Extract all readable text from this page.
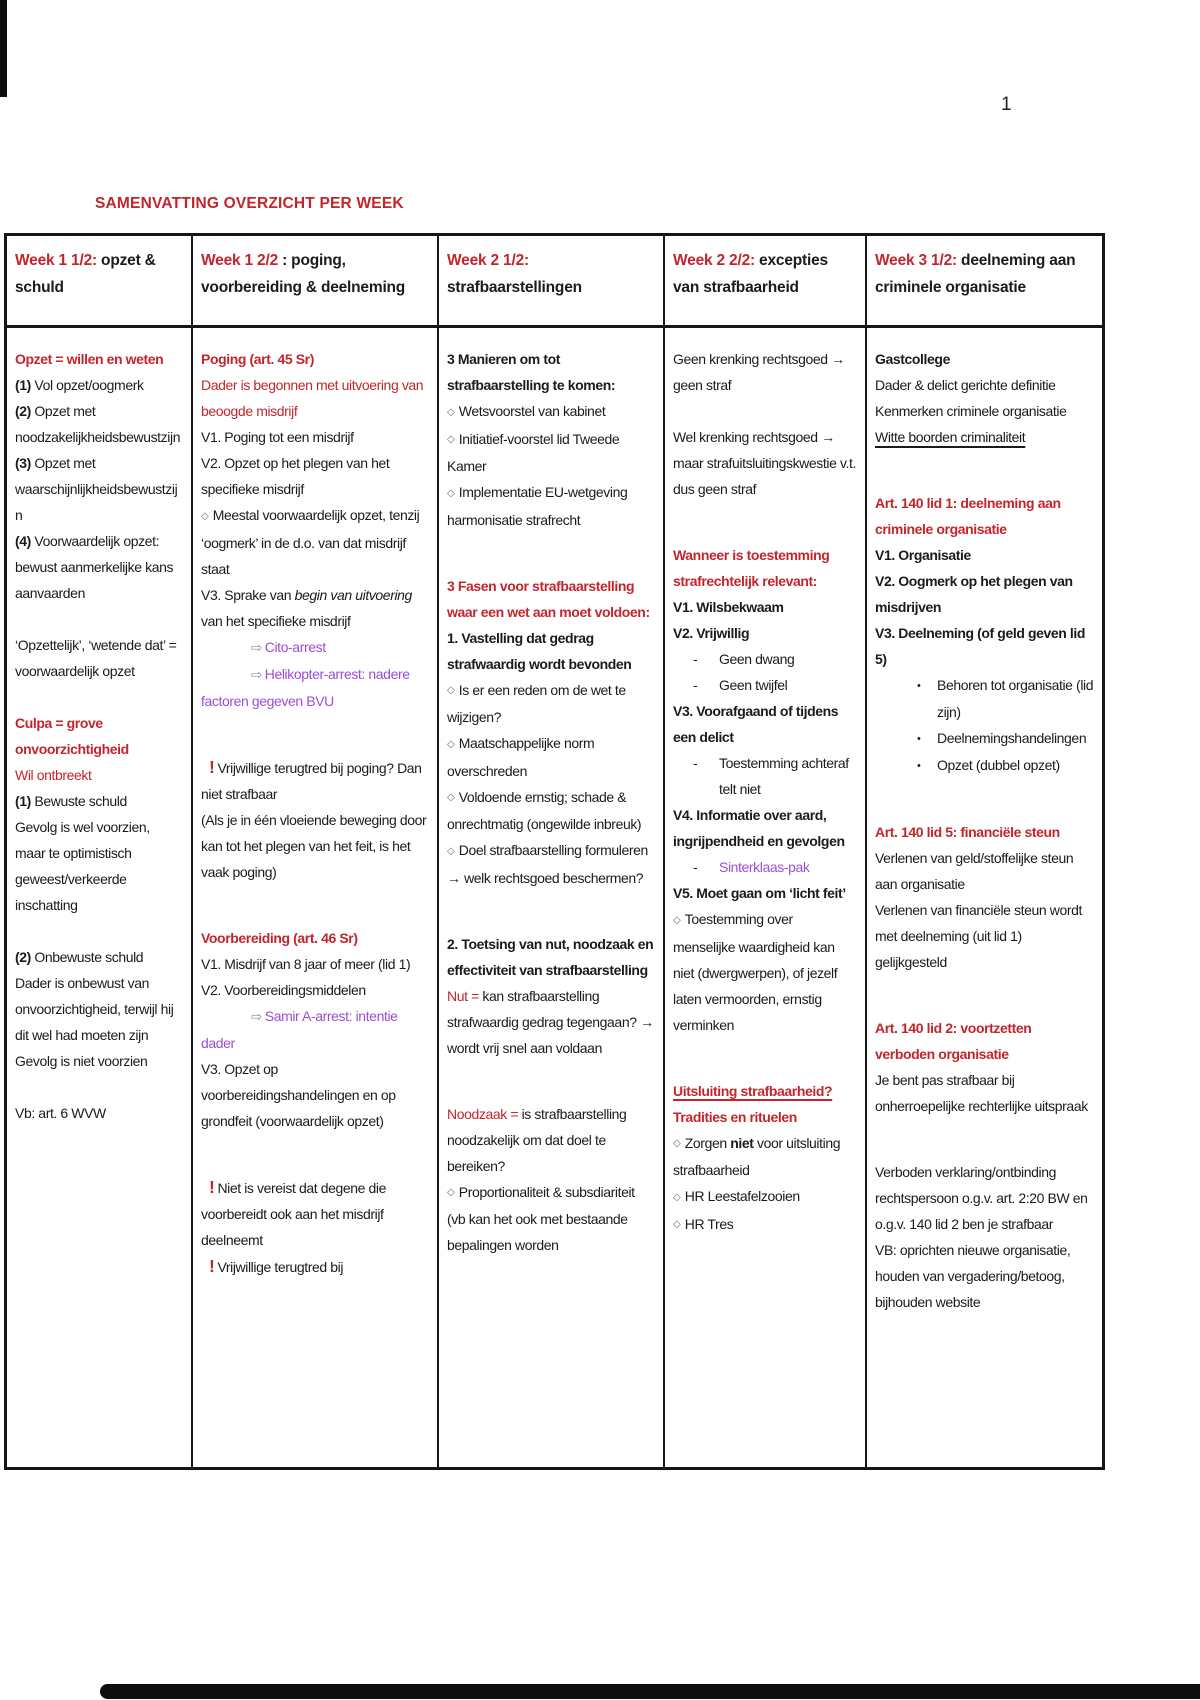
1
SAMENVATTING OVERZICHT PER WEEK
Week 1 1/2: opzet & schuld
Week 1 2/2 : poging, voorbereiding & deelneming
Week 2 1/2: strafbaarstellingen
Week 2 2/2: excepties van strafbaarheid
Week 3 1/2: deelneming aan criminele organisatie

Opzet = willen en weten

(1) Vol opzet/oogmerk

(2) Opzet met noodzakelijkheidsbewustzijn

(3) Opzet met waarschijnlijkheidsbewustzijn

(4) Voorwaardelijk opzet: bewust aanmerkelijke kans aanvaarden

‘Opzettelijk’, ‘wetende dat’ = voorwaardelijk opzet

Culpa = grove onvoorzichtigheid

Wil ontbreekt

(1) Bewuste schuld

Gevolg is wel voorzien, maar te optimistisch geweest/verkeerde inschatting

(2) Onbewuste schuld

Dader is onbewust van onvoorzichtigheid, terwijl hij dit wel had moeten zijn

Gevolg is niet voorzien

Vb: art. 6 WVW

Poging (art. 45 Sr)

Dader is begonnen met uitvoering van beoogde misdrijf

V1. Poging tot een misdrijf

V2. Opzet op het plegen van het specifieke misdrijf

◇ Meestal voorwaardelijk opzet, tenzij ‘oogmerk’ in de d.o. van dat misdrijf staat

V3. Sprake van begin van uitvoering van het specifieke misdrijf

⇨ Cito-arrest

⇨ Helikopter-arrest: nadere factoren gegeven BVU

! Vrijwillige terugtred bij poging? Dan niet strafbaar

(Als je in één vloeiende beweging door kan tot het plegen van het feit, is het vaak poging)

Voorbereiding (art. 46 Sr)

V1. Misdrijf van 8 jaar of meer (lid 1)

V2. Voorbereidingsmiddelen

⇨ Samir A-arrest: intentie dader

V3. Opzet op voorbereidingshandelingen en op grondfeit (voorwaardelijk opzet)

! Niet is vereist dat degene die voorbereidt ook aan het misdrijf deelneemt

! Vrijwillige terugtred bij

3 Manieren om tot strafbaarstelling te komen:

◇ Wetsvoorstel van kabinet

◇ Initiatief-voorstel lid Tweede Kamer

◇ Implementatie EU-wetgeving harmonisatie strafrecht

3 Fasen voor strafbaarstelling waar een wet aan moet voldoen:

1. Vastelling dat gedrag strafwaardig wordt bevonden

◇ Is er een reden om de wet te wijzigen?

◇ Maatschappelijke norm overschreden

◇ Voldoende ernstig; schade & onrechtmatig (ongewilde inbreuk)

◇ Doel strafbaarstelling formuleren → welk rechtsgoed beschermen?

2. Toetsing van nut, noodzaak en effectiviteit van strafbaarstelling

Nut = kan strafbaarstelling strafwaardig gedrag tegengaan? → wordt vrij snel aan voldaan

Noodzaak = is strafbaarstelling noodzakelijk om dat doel te bereiken?

◇ Proportionaliteit & subsdiariteit (vb kan het ook met bestaande bepalingen worden

Geen krenking rechtsgoed → geen straf

Wel krenking rechtsgoed → maar strafuitsluitingskwestie v.t. dus geen straf

Wanneer is toestemming strafrechtelijk relevant:

V1. Wilsbekwaam

V2. Vrijwillig

- Geen dwang

- Geen twijfel

V3. Voorafgaand of tijdens een delict

- Toestemming achteraf telt niet

V4. Informatie over aard, ingrijpendheid en gevolgen

- Sinterklaas-pak

V5. Moet gaan om ‘licht feit’

◇ Toestemming over menselijke waardigheid kan niet (dwergwerpen), of jezelf laten vermoorden, ernstig verminken

Uitsluiting strafbaarheid?

Tradities en rituelen

◇ Zorgen niet voor uitsluiting strafbaarheid

◇ HR Leestafelzooien

◇ HR Tres

Gastcollege

Dader & delict gerichte definitie

Kenmerken criminele organisatie

Witte boorden criminaliteit

Art. 140 lid 1: deelneming aan criminele organisatie

V1. Organisatie

V2. Oogmerk op het plegen van misdrijven

V3. Deelneming (of geld geven lid 5)

• Behoren tot organisatie (lid zijn)

• Deelnemingshandelingen

• Opzet (dubbel opzet)

Art. 140 lid 5: financiële steun

Verlenen van geld/stoffelijke steun aan organisatie

Verlenen van financiële steun wordt met deelneming (uit lid 1) gelijkgesteld

Art. 140 lid 2: voortzetten verboden organisatie

Je bent pas strafbaar bij onherroepelijke rechterlijke uitspraak

Verboden verklaring/ontbinding rechtspersoon o.g.v. art. 2:20 BW en o.g.v. 140 lid 2 ben je strafbaar

VB: oprichten nieuwe organisatie, houden van vergadering/betoog, bijhouden website
